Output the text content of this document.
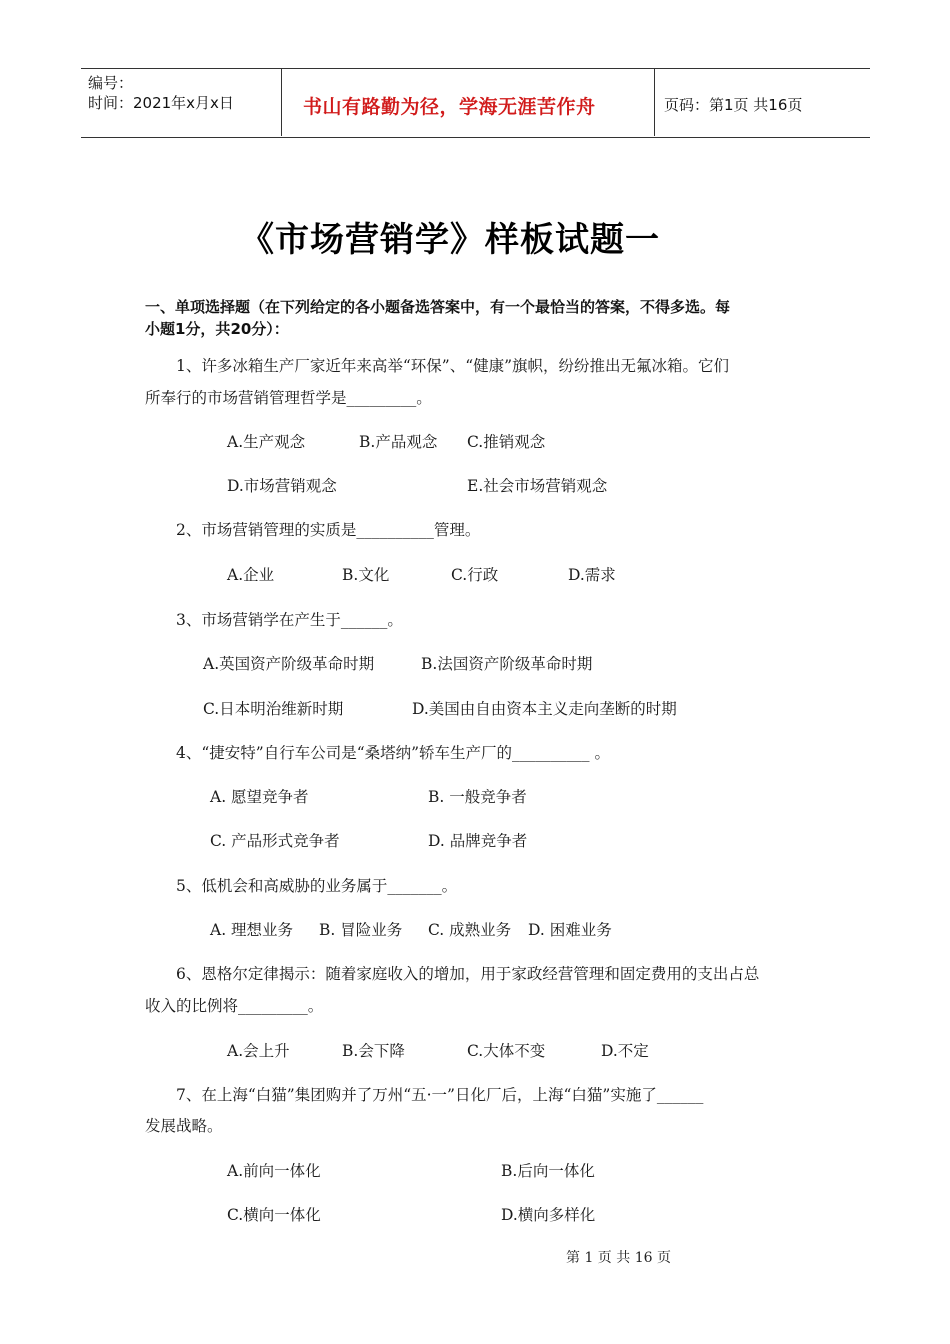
编号：
时间：2021年x月x日	书山有路勤为径，学海无涯苦作舟	页码：第1页 共16页
《市场营销学》样板试题一
一、单项选择题（在下列给定的各小题备选答案中，有一个最恰当的答案，不得多选。每
小题1分，共20分）：
1、许多冰箱生产厂家近年来高举“环保”、“健康”旗帜，纷纷推出无氟冰箱。它们
所奉行的市场营销管理哲学是_________。
A.生产观念	B.产品观念 C.推销观念
D.市场营销观念	E.社会市场营销观念
2、市场营销管理的实质是__________管理。
A.企业	B.文化	C.行政	D.需求
3、市场营销学在产生于______。
A.英国资产阶级革命时期	B.法国资产阶级革命时期
C.日本明治维新时期	D.美国由自由资本主义走向垄断的时期
4、“捷安特”自行车公司是“桑塔纳”轿车生产厂的__________ 。
A. 愿望竞争者	B. 一般竞争者
C. 产品形式竞争者	D. 品牌竞争者
5、低机会和高威胁的业务属于_______。
A. 理想业务 B. 冒险业务 C. 成熟业务 D. 困难业务
6、恩格尔定律揭示：随着家庭收入的增加，用于家政经营管理和固定费用的支出占总
收入的比例将_________。
A.会上升	B.会下降	C.大体不变	D.不定
7、在上海“白猫”集团购并了万州“五·一”日化厂后，上海“白猫”实施了______
发展战略。
A.前向一体化	B.后向一体化
C.横向一体化	D.横向多样化
第 1 页 共 16 页
